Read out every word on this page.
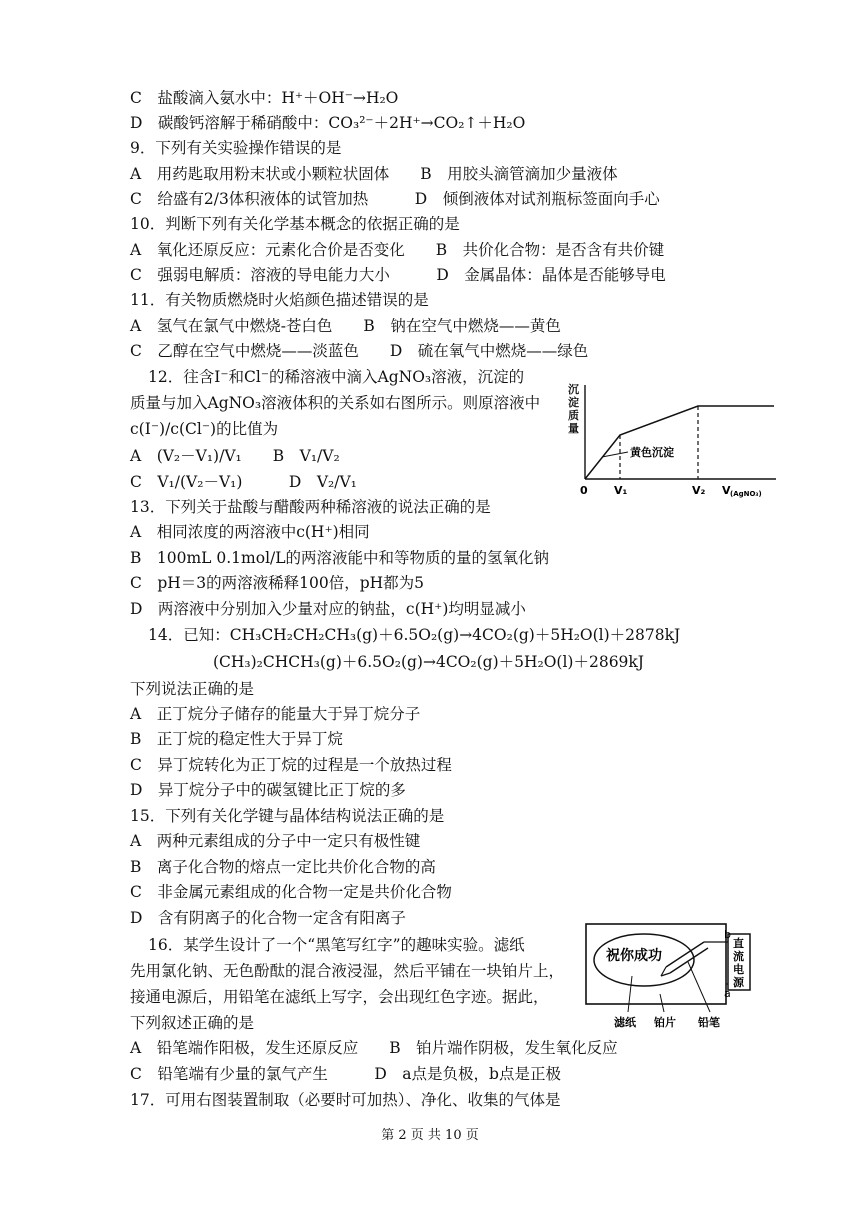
C　盐酸滴入氨水中：H⁺＋OH⁻→H₂O
D　碳酸钙溶解于稀硝酸中：CO₃²⁻＋2H⁺→CO₂↑＋H₂O
9．下列有关实验操作错误的是
A　用药匙取用粉末状或小颗粒状固体　　B　用胶头滴管滴加少量液体
C　给盛有2/3体积液体的试管加热　　　D　倾倒液体对试剂瓶标签面向手心
10．判断下列有关化学基本概念的依据正确的是
A　氧化还原反应：元素化合价是否变化　　B　共价化合物：是否含有共价键
C　强弱电解质：溶液的导电能力大小　　　D　金属晶体：晶体是否能够导电
11．有关物质燃烧时火焰颜色描述错误的是
A　氢气在氯气中燃烧-苍白色　　B　钠在空气中燃烧——黄色
C　乙醇在空气中燃烧——淡蓝色　　D　硫在氧气中燃烧——绿色
12．往含I⁻和Cl⁻的稀溶液中滴入AgNO₃溶液，沉淀的
质量与加入AgNO₃溶液体积的关系如右图所示。则原溶液中
c(I⁻)/c(Cl⁻)的比值为
A　(V₂－V₁)/V₁　　B　V₁/V₂
C　V₁/(V₂－V₁)　　　D　V₂/V₁
13．下列关于盐酸与醋酸两种稀溶液的说法正确的是
A　相同浓度的两溶液中c(H⁺)相同
B　100mL 0.1mol/L的两溶液能中和等物质的量的氢氧化钠
C　pH＝3的两溶液稀释100倍，pH都为5
D　两溶液中分别加入少量对应的钠盐，c(H⁺)均明显减小
14．已知：CH₃CH₂CH₂CH₃(g)＋6.5O₂(g)→4CO₂(g)＋5H₂O(l)＋2878kJ
(CH₃)₂CHCH₃(g)＋6.5O₂(g)→4CO₂(g)＋5H₂O(l)＋2869kJ
下列说法正确的是
A　正丁烷分子储存的能量大于异丁烷分子
B　正丁烷的稳定性大于异丁烷
C　异丁烷转化为正丁烷的过程是一个放热过程
D　异丁烷分子中的碳氢键比正丁烷的多
15．下列有关化学键与晶体结构说法正确的是
A　两种元素组成的分子中一定只有极性键
B　离子化合物的熔点一定比共价化合物的高
C　非金属元素组成的化合物一定是共价化合物
D　含有阴离子的化合物一定含有阳离子
16．某学生设计了一个“黑笔写红字”的趣味实验。滤纸
先用氯化钠、无色酚酞的混合液浸湿，然后平铺在一块铂片上，
接通电源后，用铅笔在滤纸上写字，会出现红色字迹。据此，
下列叙述正确的是
A　铅笔端作阳极，发生还原反应　　B　铂片端作阴极，发生氧化反应
C　铅笔端有少量的氯气产生　　　D　a点是负极，b点是正极
17．可用右图装置制取（必要时可加热）、净化、收集的气体是
沉
淀
质
量
黄色沉淀
0 V₁	V₂ V (AgNO₃)
祝你成功
直
流
电
源
b
a
滤纸 铂片 铅笔
第 2 页 共 10 页
